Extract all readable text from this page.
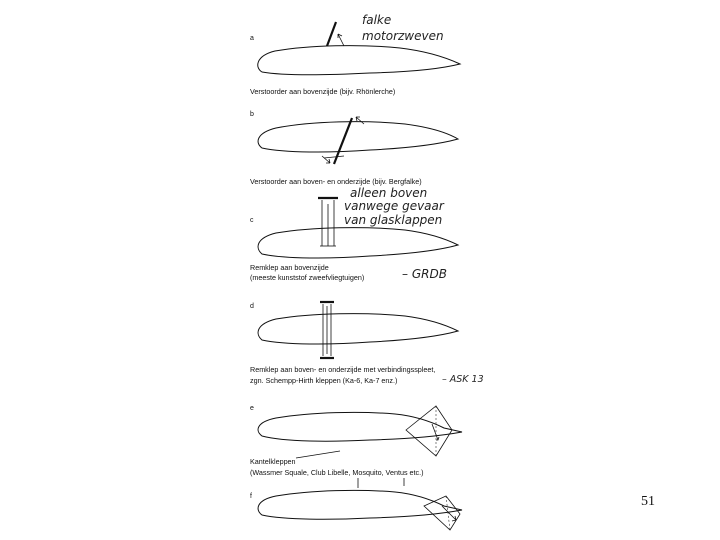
a
falke
motorzweven
Verstoorder aan bovenzijde (bijv. Rhönlerche)
b
Verstoorder aan boven- en onderzijde (bijv. Bergfalke)
alleen boven
vanwege gevaar
van glasklappen
c
Remklep aan bovenzijde
(meeste kunststof zweefvliegtuigen)	– GRDB
d
Remklep aan boven- en onderzijde met verbindingsspleet,
zgn. Schempp-Hirth kleppen (Ka-6, Ka-7 enz.)	– ASK 13
e
Kantelkleppen
(Wassmer Squale, Club Libelle, Mosquito, Ventus etc.)
f	51
